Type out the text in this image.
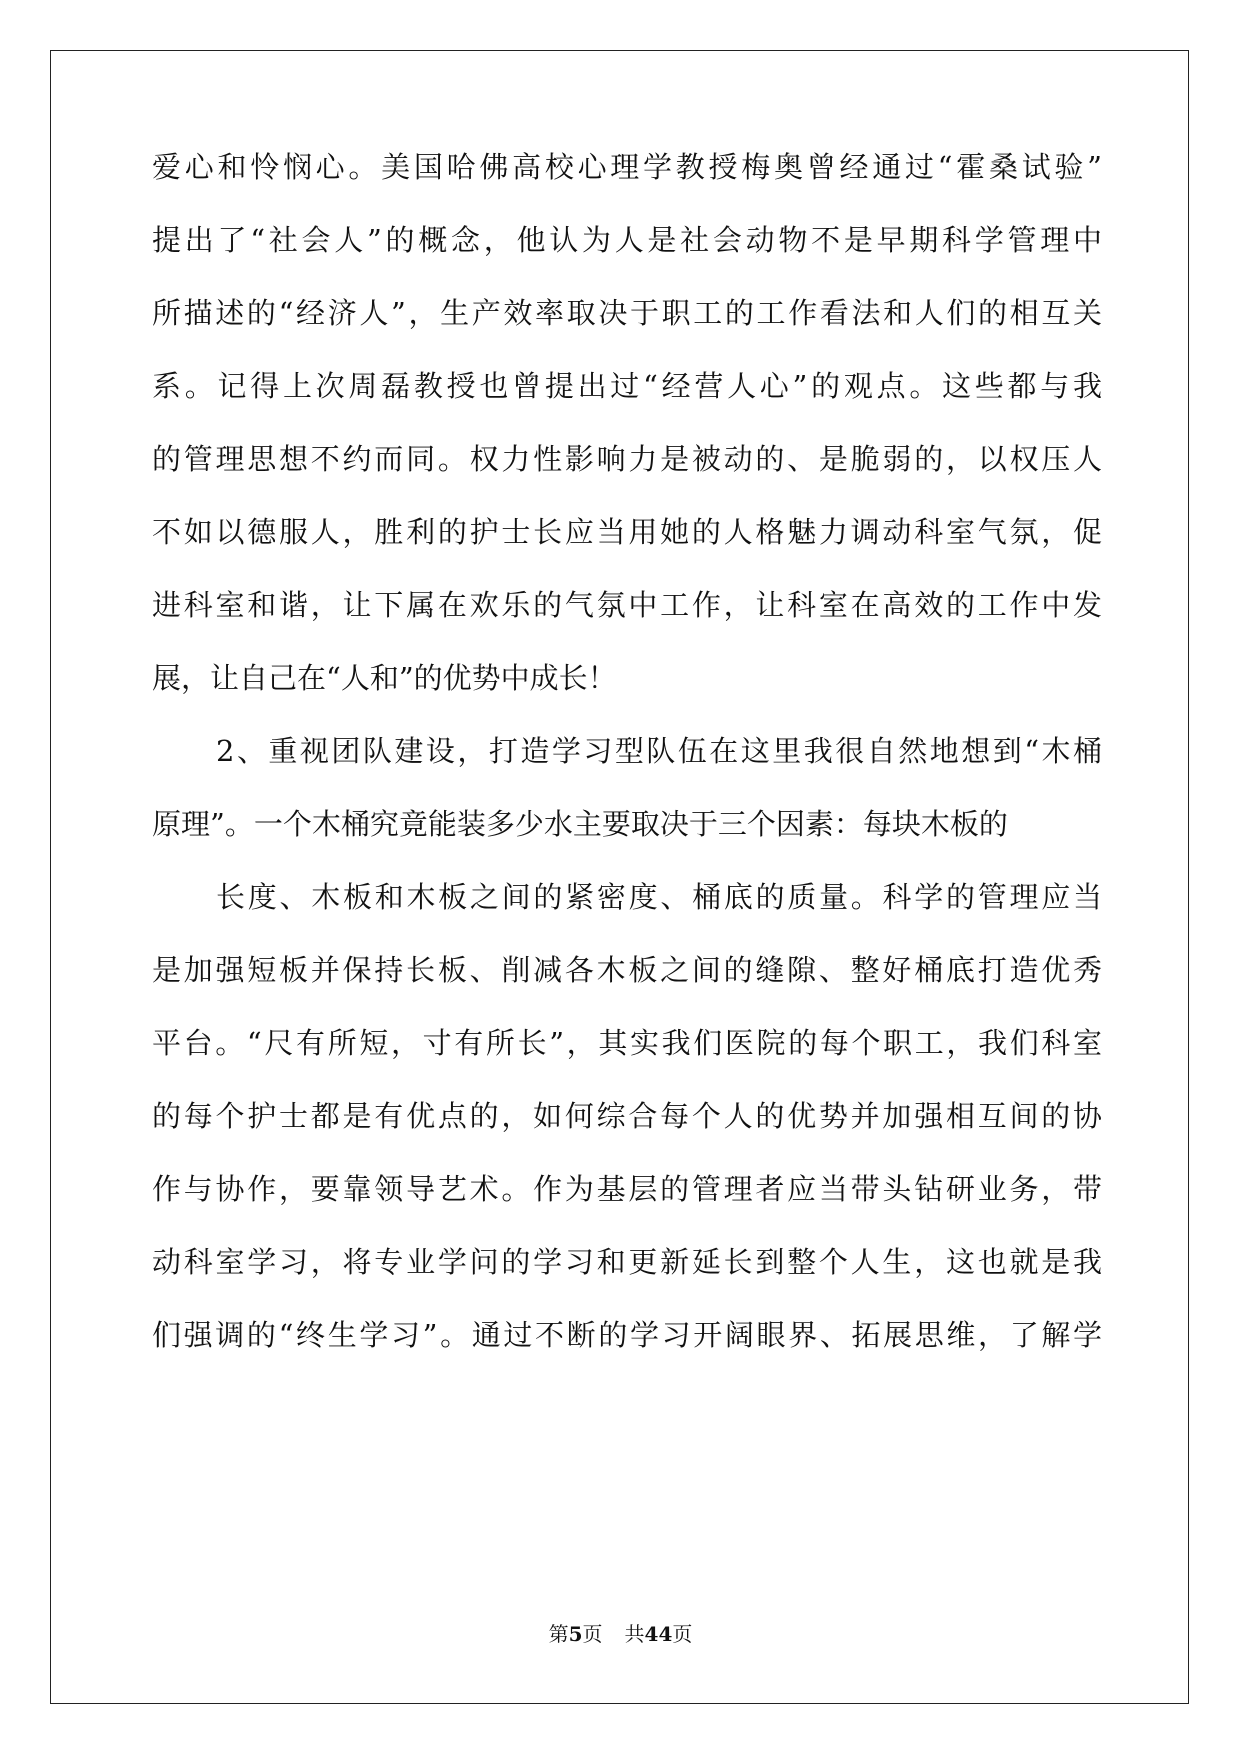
爱心和怜悯心。美国哈佛高校心理学教授梅奥曾经通过“霍桑试验”
提出了“社会人”的概念，他认为人是社会动物不是早期科学管理中
所描述的“经济人”，生产效率取决于职工的工作看法和人们的相互关
系。记得上次周磊教授也曾提出过“经营人心”的观点。这些都与我
的管理思想不约而同。权力性影响力是被动的、是脆弱的，以权压人
不如以德服人，胜利的护士长应当用她的人格魅力调动科室气氛，促
进科室和谐，让下属在欢乐的气氛中工作，让科室在高效的工作中发
展，让自己在“人和”的优势中成长！
2、重视团队建设，打造学习型队伍在这里我很自然地想到“木桶
原理”。一个木桶究竟能装多少水主要取决于三个因素：每块木板的
长度、木板和木板之间的紧密度、桶底的质量。科学的管理应当
是加强短板并保持长板、削减各木板之间的缝隙、整好桶底打造优秀
平台。“尺有所短，寸有所长”，其实我们医院的每个职工，我们科室
的每个护士都是有优点的，如何综合每个人的优势并加强相互间的协
作与协作，要靠领导艺术。作为基层的管理者应当带头钻研业务，带
动科室学习，将专业学问的学习和更新延长到整个人生，这也就是我
们强调的“终生学习”。通过不断的学习开阔眼界、拓展思维，了解学
第5页 共44页
